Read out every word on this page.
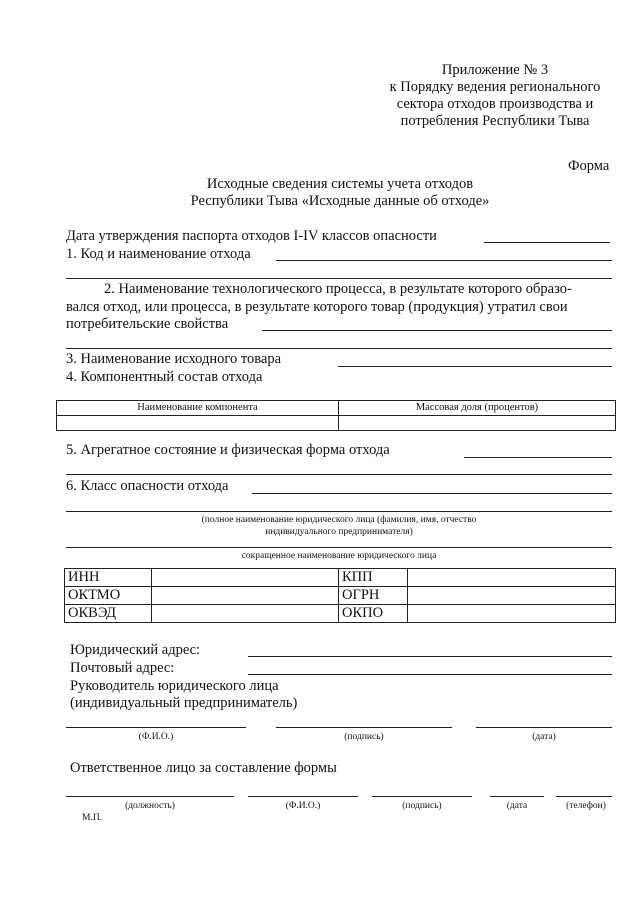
Приложение № 3
к Порядку ведения регионального
сектора отходов производства и
потребления Республики Тыва
Форма
Исходные сведения системы учета отходов
Республики Тыва «Исходные данные об отходе»
Дата утверждения паспорта отходов I-IV классов опасности
1. Код и наименование отхода
2. Наименование технологического процесса, в результате которого образо-
вался отход, или процесса, в результате которого товар (продукция) утратил свои
потребительские свойства
3. Наименование исходного товара
4. Компонентный состав отхода
Наименование компонента	Массовая доля (процентов)

5. Агрегатное состояние и физическая форма отхода
6. Класс опасности отхода
(полное наименование юридического лица (фамилия, имя, отчество
индивидуального предпринимателя)
сокращенное наименование юридического лица
ИНН		КПП	
ОКТМО		ОГРН	
ОКВЭД		ОКПО	
Юридический адрес:
Почтовый адрес:
Руководитель юридического лица
(индивидуальный предприниматель)
(Ф.И.О.)	(подпись)	(дата)
Ответственное лицо за составление формы
(должность)	(Ф.И.О.)	(подпись)	(дата	(телефон)
М.П.
